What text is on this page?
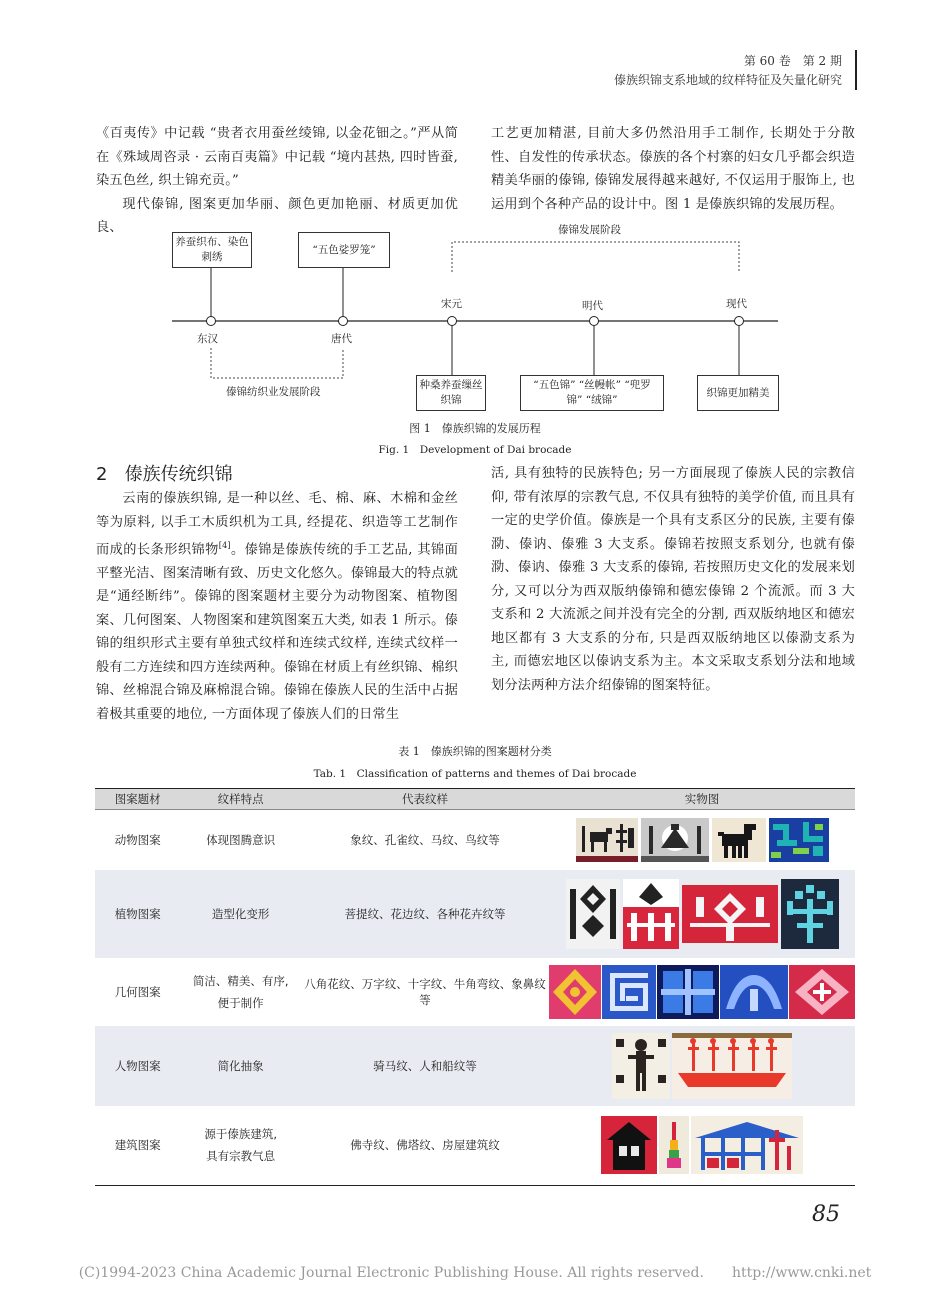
第 60 卷　第 2 期
傣族织锦支系地域的纹样特征及矢量化研究

《百夷传》中记载 “贵者衣用蚕丝绫锦, 以金花钿之。”严从简在《殊域周咨录 · 云南百夷篇》中记载 “境内甚热, 四时皆蚕, 染五色丝, 织土锦充贡。”

现代傣锦, 图案更加华丽、颜色更加艳丽、材质更加优良、

工艺更加精湛, 目前大多仍然沿用手工制作, 长期处于分散性、自发性的传承状态。傣族的各个村寨的妇女几乎都会织造精美华丽的傣锦, 傣锦发展得越来越好, 不仅运用于服饰上, 也运用到个各种产品的设计中。图 1 是傣族织锦的发展历程。

养蚕织布、染色刺绣
“五色娑罗笼”
傣锦发展阶段
东汉	唐代
宋元	明代	现代
傣锦纺织业发展阶段
种桑养蚕缫丝织锦
“五色锦” “丝幔帐” “兜罗锦” “绒锦”
织锦更加精美
图 1　傣族织锦的发展历程
Fig. 1　Development of Dai brocade
2 傣族传统织锦
云南的傣族织锦, 是一种以丝、毛、棉、麻、木棉和金丝等为原料, 以手工木质织机为工具, 经提花、织造等工艺制作而成的长条形织锦物[4]。傣锦是傣族传统的手工艺品, 其锦面平整光洁、图案清晰有致、历史文化悠久。傣锦最大的特点就是“通经断纬”。傣锦的图案题材主要分为动物图案、植物图案、几何图案、人物图案和建筑图案五大类, 如表 1 所示。傣锦的组织形式主要有单独式纹样和连续式纹样, 连续式纹样一般有二方连续和四方连续两种。傣锦在材质上有丝织锦、棉织锦、丝棉混合锦及麻棉混合锦。傣锦在傣族人民的生活中占据着极其重要的地位, 一方面体现了傣族人们的日常生

活, 具有独特的民族特色; 另一方面展现了傣族人民的宗教信仰, 带有浓厚的宗教气息, 不仅具有独特的美学价值, 而且具有一定的史学价值。傣族是一个具有支系区分的民族, 主要有傣泐、傣讷、傣雅 3 大支系。傣锦若按照支系划分, 也就有傣泐、傣讷、傣雅 3 大支系的傣锦, 若按照历史文化的发展来划分, 又可以分为西双版纳傣锦和德宏傣锦 2 个流派。而 3 大支系和 2 大流派之间并没有完全的分割, 西双版纳地区和德宏地区都有 3 大支系的分布, 只是西双版纳地区以傣泐支系为主, 而德宏地区以傣讷支系为主。本文采取支系划分法和地域划分法两种方法介绍傣锦的图案特征。

表 1　傣族织锦的图案题材分类
Tab. 1　Classification of patterns and themes of Dai brocade
图案题材	纹样特点	代表纹样	实物图
动物图案	体现图腾意识	象纹、孔雀纹、马纹、鸟纹等	

植物图案	造型化变形	菩提纹、花边纹、各种花卉纹等	

几何图案	简洁、精美、有序,
便于制作	八角花纹、万字纹、十字纹、牛角弯纹、象鼻纹等	

人物图案	简化抽象	骑马纹、人和船纹等	

建筑图案	源于傣族建筑,
具有宗教气息	佛寺纹、佛塔纹、房屋建筑纹	
85
(C)1994-2023 China Academic Journal Electronic Publishing House. All rights reserved.　　http://www.cnki.net
